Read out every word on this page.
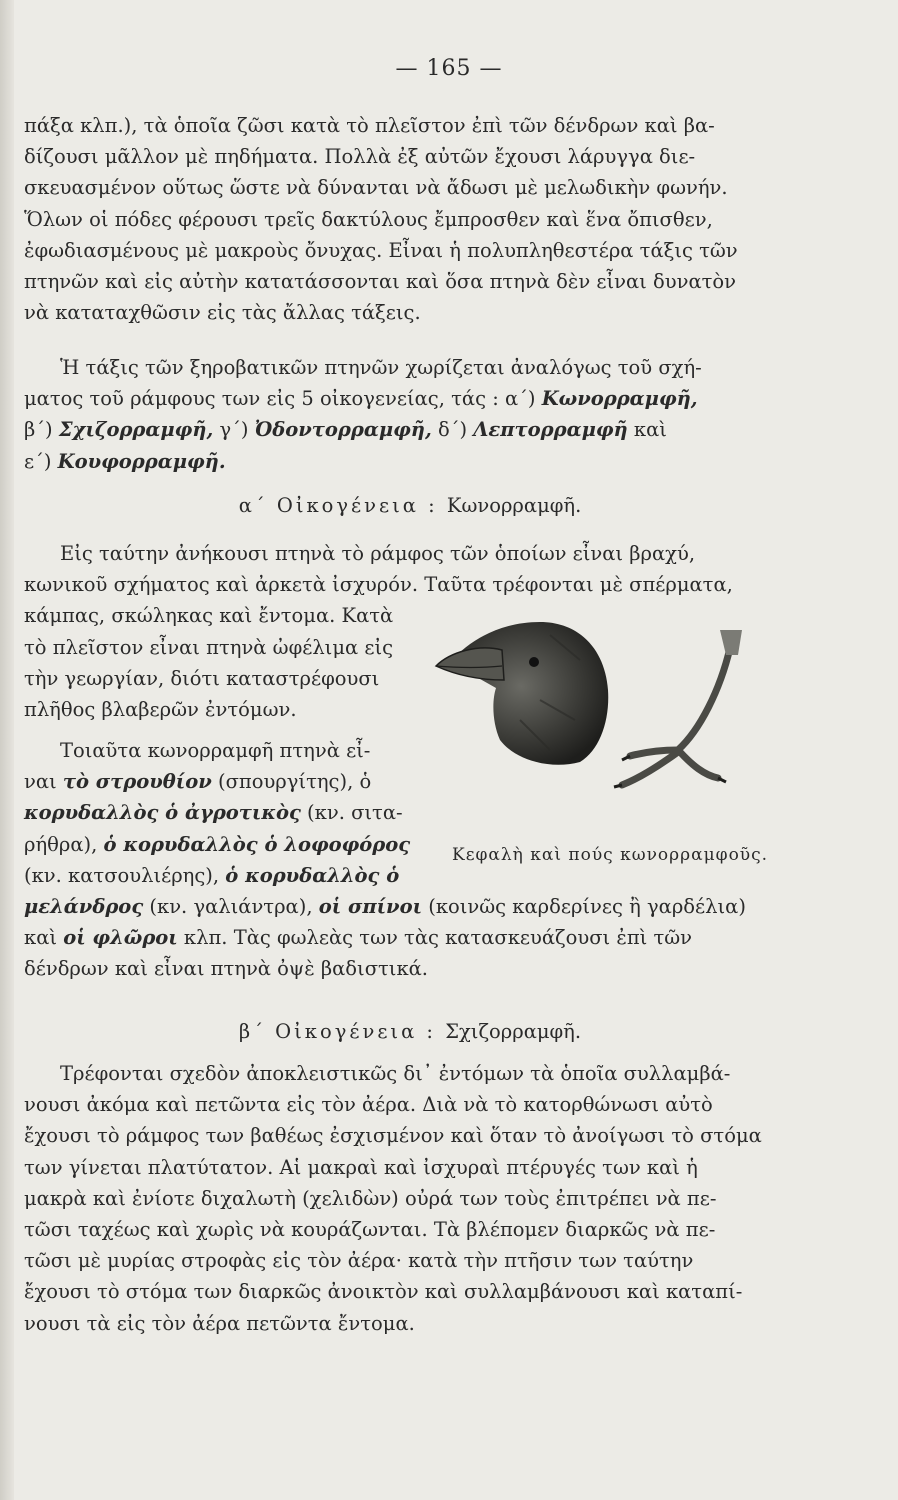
— 165 —

πάξα κλπ.), τὰ ὁποῖα ζῶσι κατὰ τὸ πλεῖστον ἐπὶ τῶν δένδρων καὶ βα-

δίζουσι μᾶλλον μὲ πηδήματα. Πολλὰ ἐξ αὐτῶν ἔχουσι λάρυγγα διε-

σκευασμένον οὕτως ὥστε νὰ δύνανται νὰ ἄδωσι μὲ μελωδικὴν φωνήν.

Ὅλων οἱ πόδες φέρουσι τρεῖς δακτύλους ἔμπροσθεν καὶ ἕνα ὄπισθεν,

ἐφωδιασμένους μὲ μακροὺς ὄνυχας. Εἶναι ἡ πολυπληθεστέρα τάξις τῶν

πτηνῶν καὶ εἰς αὐτὴν κατατάσσονται καὶ ὅσα πτηνὰ δὲν εἶναι δυνατὸν

νὰ καταταχθῶσιν εἰς τὰς ἄλλας τάξεις.

Ἡ τάξις τῶν ξηροβατικῶν πτηνῶν χωρίζεται ἀναλόγως τοῦ σχή-

ματος τοῦ ράμφους των εἰς 5 οἰκογενείας, τάς : α΄) Κωνορραμφῆ,

β΄) Σχιζορραμφῆ, γ΄) Ὀδοντορραμφῆ, δ΄) Λεπτορραμφῆ καὶ

ε΄) Κουφορραμφῆ.

α΄ Οἰκογένεια : Κωνορραμφῆ.

Εἰς ταύτην ἀνήκουσι πτηνὰ τὸ ράμφος τῶν ὁποίων εἶναι βραχύ,

κωνικοῦ σχήματος καὶ ἀρκετὰ ἰσχυρόν. Ταῦτα τρέφονται μὲ σπέρματα,

κάμπας, σκώληκας καὶ ἔντομα. Κατὰ

τὸ πλεῖστον εἶναι πτηνὰ ὠφέλιμα εἰς

τὴν γεωργίαν, διότι καταστρέφουσι

πλῆθος βλαβερῶν ἐντόμων.

Τοιαῦτα κωνορραμφῆ πτηνὰ εἶ-

ναι τὸ στρουθίον (σπουργίτης), ὁ

κορυδαλλὸς ὁ ἀγροτικὸς (κν. σιτα-

ρήθρα), ὁ κορυδαλλὸς ὁ λοφοφόρος

(κν. κατσουλιέρης), ὁ κορυδαλλὸς ὁ

μελάνδρος (κν. γαλιάντρα), οἱ σπίνοι (κοινῶς καρδερίνες ἢ γαρδέλια)

καὶ οἱ φλῶροι κλπ. Τὰς φωλεὰς των τὰς κατασκευάζουσι ἐπὶ τῶν

δένδρων καὶ εἶναι πτηνὰ ὀψὲ βαδιστικά.

Κεφαλὴ καὶ πούς κωνορραμφοῦς.
β΄ Οἰκογένεια : Σχιζορραμφῆ.

Τρέφονται σχεδὸν ἀποκλειστικῶς δι᾿ ἐντόμων τὰ ὁποῖα συλλαμβά-

νουσι ἀκόμα καὶ πετῶντα εἰς τὸν ἀέρα. Διὰ νὰ τὸ κατορθώνωσι αὐτὸ

ἔχουσι τὸ ράμφος των βαθέως ἐσχισμένον καὶ ὅταν τὸ ἀνοίγωσι τὸ στόμα

των γίνεται πλατύτατον. Αἱ μακραὶ καὶ ἰσχυραὶ πτέρυγές των καὶ ἡ

μακρὰ καὶ ἐνίοτε διχαλωτὴ (χελιδὼν) οὐρά των τοὺς ἐπιτρέπει νὰ πε-

τῶσι ταχέως καὶ χωρὶς νὰ κουράζωνται. Τὰ βλέπομεν διαρκῶς νὰ πε-

τῶσι μὲ μυρίας στροφὰς εἰς τὸν ἀέρα· κατὰ τὴν πτῆσιν των ταύτην

ἔχουσι τὸ στόμα των διαρκῶς ἀνοικτὸν καὶ συλλαμβάνουσι καὶ καταπί-

νουσι τὰ εἰς τὸν ἀέρα πετῶντα ἔντομα.
